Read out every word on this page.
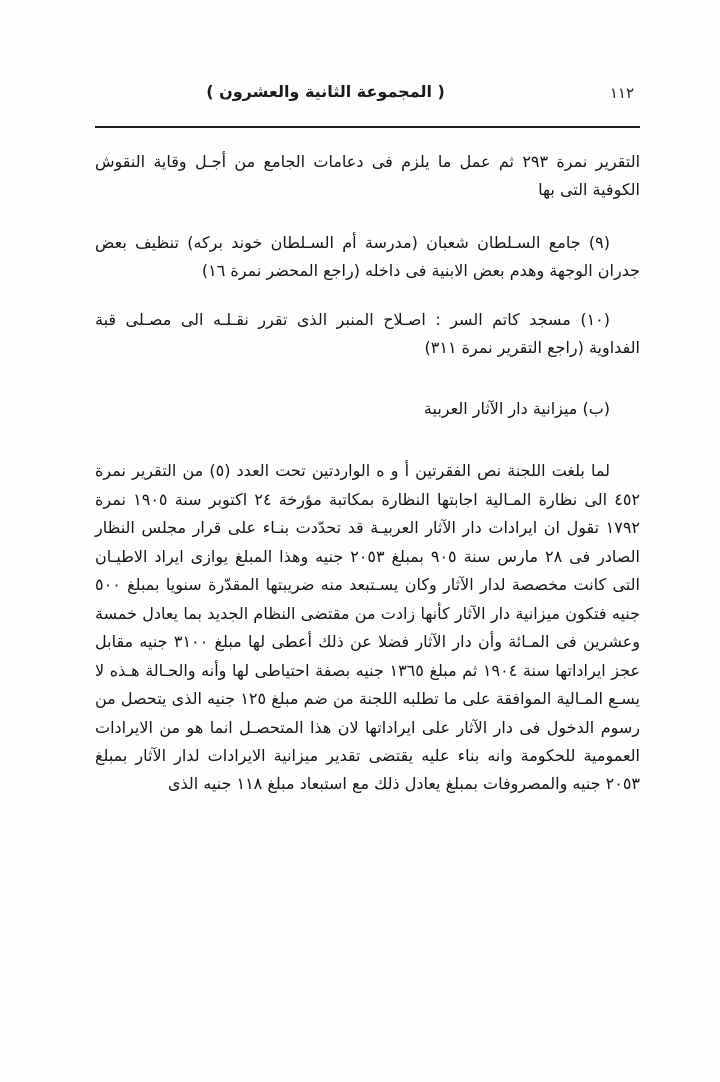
١١٢
( المجموعة الثانية والعشرون )

التقرير نمرة ٢٩٣ ثم عمل ما يلزم فى دعامات الجامع من أجـل وقاية النقوش الكوفية التى بها

(٩) جامع السـلطان شعبان (مدرسة أم السـلطان خوند بركه) تنظيف بعض جدران الوجهة وهدم بعض الابنية فى داخله (راجع المحضر نمرة ١٦)

(١٠) مسجد كاتم السر : اصـلاح المنبر الذى تقرر نقـلـه الى مصـلى قبة الفداوية (راجع التقرير نمرة ٣١١)

(ب) ميزانية دار الآثار العربية

لما بلغت اللجنة نص الفقرتين أ و ه الواردتين تحت العدد (٥) من التقرير نمرة ٤٥٢ الى نظارة المـالية اجابتها النظارة بمكاتبة مؤرخة ٢٤ اكتوبر سنة ١٩٠٥ نمرة ١٧٩٢ تقول ان ايرادات دار الآثار العربيـة قد تحدّدت بنـاء على قرار مجلس النظار الصادر فى ٢٨ مارس سنة ٩٠٥ بمبلغ ٢٠٥٣ جنيه وهذا المبلغ يوازى ايراد الاطيـان التى كانت مخصصة لدار الآثار وكان يسـتبعد منه ضريبتها المقدّرة سنويا بمبلغ ٥٠٠ جنيه فتكون ميزانية دار الآثار كأنها زادت من مقتضى النظام الجديد بما يعادل خمسة وعشرين فى المـائة وأن دار الآثار فضلا عن ذلك أعطى لها مبلغ ٣١٠٠ جنيه مقابل عجز ايراداتها سنة ١٩٠٤ ثم مبلغ ١٣٦٥ جنيه بصفة احتياطى لها وأنه والحـالة هـذه لا يسـع المـالية الموافقة على ما تطلبه اللجنة من ضم مبلغ ١٢٥ جنيه الذى يتحصل من رسوم الدخول فى دار الآثار على ايراداتها لان هذا المتحصـل انما هو من الايرادات العمومية للحكومة وانه بناء عليه يقتضى تقدير ميزانية الايرادات لدار الآثار بمبلغ ٢٠٥٣ جنيه والمصروفات بمبلغ يعادل ذلك مع استبعاد مبلغ ١١٨ جنيه الذى
